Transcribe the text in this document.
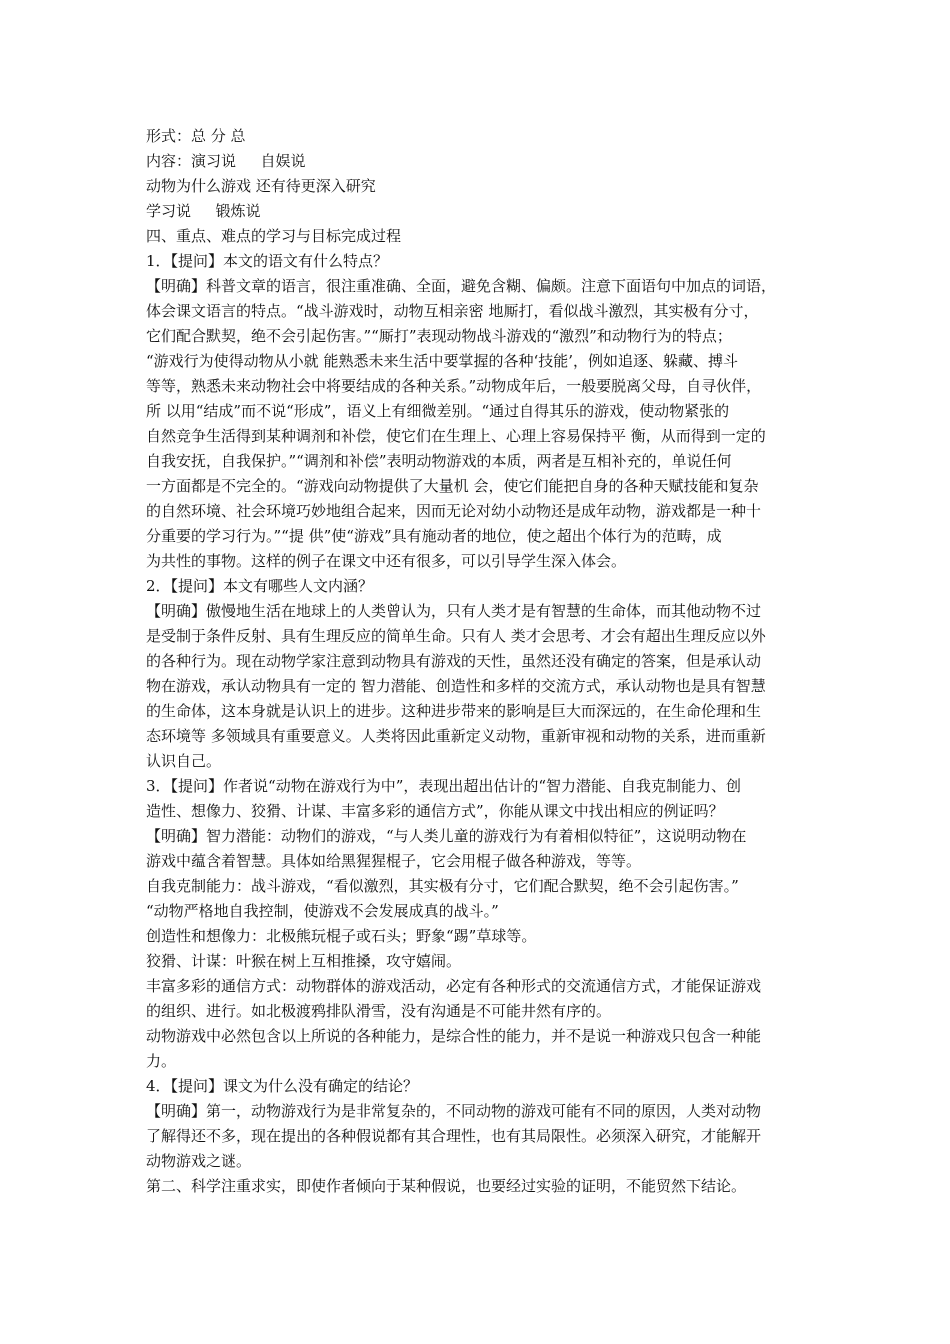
形式：总 分 总
内容：演习说 　 自娱说
动物为什么游戏 还有待更深入研究
学习说 　 锻炼说
四、重点、难点的学习与目标完成过程
1．【提问】本文的语文有什么特点？
【明确】科普文章的语言，很注重准确、全面，避免含糊、偏颇。注意下面语句中加点的词语，
体会课文语言的特点。“战斗游戏时，动物互相亲密 地厮打，看似战斗激烈，其实极有分寸，
它们配合默契，绝不会引起伤害。”“厮打”表现动物战斗游戏的“激烈”和动物行为的特点；
“游戏行为使得动物从小就 能熟悉未来生活中要掌握的各种‘技能’，例如追逐、躲藏、搏斗
等等，熟悉未来动物社会中将要结成的各种关系。”动物成年后，一般要脱离父母，自寻伙伴，
所 以用“结成”而不说“形成”，语义上有细微差别。“通过自得其乐的游戏，使动物紧张的
自然竞争生活得到某种调剂和补偿，使它们在生理上、心理上容易保持平 衡，从而得到一定的
自我安抚，自我保护。”“调剂和补偿”表明动物游戏的本质，两者是互相补充的，单说任何
一方面都是不完全的。“游戏向动物提供了大量机 会，使它们能把自身的各种天赋技能和复杂
的自然环境、社会环境巧妙地组合起来，因而无论对幼小动物还是成年动物，游戏都是一种十
分重要的学习行为。”“提 供”使“游戏”具有施动者的地位，使之超出个体行为的范畴，成
为共性的事物。这样的例子在课文中还有很多，可以引导学生深入体会。
2．【提问】本文有哪些人文内涵？
【明确】傲慢地生活在地球上的人类曾认为，只有人类才是有智慧的生命体，而其他动物不过
是受制于条件反射、具有生理反应的简单生命。只有人 类才会思考、才会有超出生理反应以外
的各种行为。现在动物学家注意到动物具有游戏的天性，虽然还没有确定的答案，但是承认动
物在游戏，承认动物具有一定的 智力潜能、创造性和多样的交流方式，承认动物也是具有智慧
的生命体，这本身就是认识上的进步。这种进步带来的影响是巨大而深远的，在生命伦理和生
态环境等 多领域具有重要意义。人类将因此重新定义动物，重新审视和动物的关系，进而重新
认识自己。
3．【提问】作者说“动物在游戏行为中”，表现出超出估计的“智力潜能、自我克制能力、创
造性、想像力、狡猾、计谋、丰富多彩的通信方式”，你能从课文中找出相应的例证吗？
【明确】智力潜能：动物们的游戏，“与人类儿童的游戏行为有着相似特征”，这说明动物在
游戏中蕴含着智慧。具体如给黑猩猩棍子，它会用棍子做各种游戏，等等。
自我克制能力：战斗游戏，“看似激烈，其实极有分寸，它们配合默契，绝不会引起伤害。”
“动物严格地自我控制，使游戏不会发展成真的战斗。”
创造性和想像力：北极熊玩棍子或石头；野象“踢”草球等。
狡猾、计谋：叶猴在树上互相推搡，攻守嬉闹。
丰富多彩的通信方式：动物群体的游戏活动，必定有各种形式的交流通信方式，才能保证游戏
的组织、进行。如北极渡鸦排队滑雪，没有沟通是不可能井然有序的。
动物游戏中必然包含以上所说的各种能力，是综合性的能力，并不是说一种游戏只包含一种能
力。
4．【提问】课文为什么没有确定的结论？
【明确】第一，动物游戏行为是非常复杂的，不同动物的游戏可能有不同的原因，人类对动物
了解得还不多，现在提出的各种假说都有其合理性，也有其局限性。必须深入研究，才能解开
动物游戏之谜。
第二、科学注重求实，即使作者倾向于某种假说，也要经过实验的证明，不能贸然下结论。
